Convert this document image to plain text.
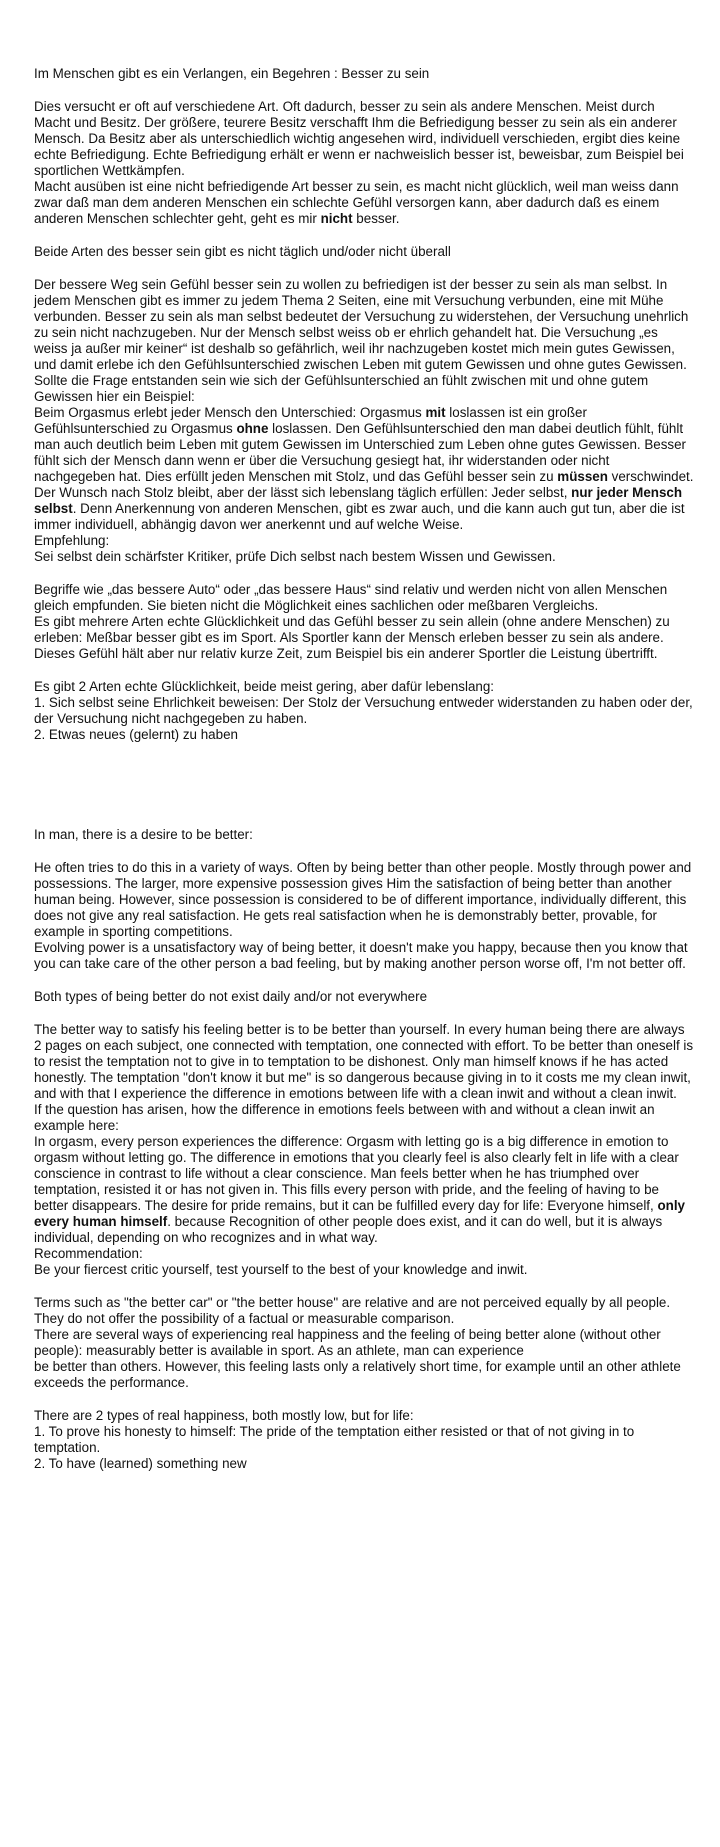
Im Menschen gibt es ein Verlangen, ein Begehren : Besser zu sein

Dies versucht er oft auf verschiedene Art. Oft dadurch, besser zu sein als andere Menschen. Meist durch Macht und Besitz. Der größere, teurere Besitz verschafft Ihm die Befriedigung besser zu sein als ein anderer Mensch. Da Besitz aber als unterschiedlich wichtig angesehen wird, individuell verschieden, ergibt dies keine echte Befriedigung. Echte Befriedigung erhält er wenn er nachweislich besser ist, beweisbar, zum Beispiel bei sportlichen Wettkämpfen.

Macht ausüben ist eine nicht befriedigende Art besser zu sein, es macht nicht glücklich, weil man weiss dann zwar daß man dem anderen Menschen ein schlechte Gefühl versorgen kann, aber dadurch daß es einem anderen Menschen schlechter geht, geht es mir nicht besser.

Beide Arten des besser sein gibt es nicht täglich und/oder nicht überall

Der bessere Weg sein Gefühl besser sein zu wollen zu befriedigen ist der besser zu sein als man selbst. In jedem Menschen gibt es immer zu jedem Thema 2 Seiten, eine mit Versuchung verbunden, eine mit Mühe verbunden. Besser zu sein als man selbst bedeutet der Versuchung zu widerstehen, der Versuchung unehrlich zu sein nicht nachzugeben. Nur der Mensch selbst weiss ob er ehrlich gehandelt hat. Die Versuchung „es weiss ja außer mir keiner“ ist deshalb so gefährlich, weil ihr nachzugeben kostet mich mein gutes Gewissen, und damit erlebe ich den Gefühlsunterschied zwischen Leben mit gutem Gewissen und ohne gutes Gewissen.

Sollte die Frage entstanden sein wie sich der Gefühlsunterschied an fühlt zwischen mit und ohne gutem Gewissen hier ein Beispiel:

Beim Orgasmus erlebt jeder Mensch den Unterschied: Orgasmus mit loslassen ist ein großer Gefühlsunterschied zu Orgasmus ohne loslassen. Den Gefühlsunterschied den man dabei deutlich fühlt, fühlt man auch deutlich beim Leben mit gutem Gewissen im Unterschied zum Leben ohne gutes Gewissen. Besser fühlt sich der Mensch dann wenn er über die Versuchung gesiegt hat, ihr widerstanden oder nicht nachgegeben hat. Dies erfüllt jeden Menschen mit Stolz, und das Gefühl besser sein zu müssen verschwindet. Der Wunsch nach Stolz bleibt, aber der lässt sich lebenslang täglich erfüllen: Jeder selbst, nur jeder Mensch selbst. Denn Anerkennung von anderen Menschen, gibt es zwar auch, und die kann auch gut tun, aber die ist immer individuell, abhängig davon wer anerkennt und auf welche Weise.

Empfehlung:

Sei selbst dein schärfster Kritiker, prüfe Dich selbst nach bestem Wissen und Gewissen.

Begriffe wie „das bessere Auto“ oder „das bessere Haus“ sind relativ und werden nicht von allen Menschen gleich empfunden. Sie bieten nicht die Möglichkeit eines sachlichen oder meßbaren Vergleichs.

Es gibt mehrere Arten echte Glücklichkeit und das Gefühl besser zu sein allein (ohne andere Menschen) zu erleben: Meßbar besser gibt es im Sport. Als Sportler kann der Mensch erleben besser zu sein als andere. Dieses Gefühl hält aber nur relativ kurze Zeit, zum Beispiel bis ein anderer Sportler die Leistung übertrifft.

Es gibt 2 Arten echte Glücklichkeit, beide meist gering, aber dafür lebenslang:

1. Sich selbst seine Ehrlichkeit beweisen: Der Stolz der Versuchung entweder widerstanden zu haben oder der, der Versuchung nicht nachgegeben zu haben.

2. Etwas neues (gelernt) zu haben

In man, there is a desire to be better:

He often tries to do this in a variety of ways. Often by being better than other people. Mostly through power and possessions. The larger, more expensive possession gives Him the satisfaction of being better than another human being. However, since possession is considered to be of different importance, individually different, this does not give any real satisfaction. He gets real satisfaction when he is demonstrably better, provable, for example in sporting competitions.

Evolving power is a unsatisfactory way of being better, it doesn't make you happy, because then you know that you can take care of the other person a bad feeling, but by making another person worse off, I'm not better off.

Both types of being better do not exist daily and/or not everywhere

The better way to satisfy his feeling better is to be better than yourself. In every human being there are always 2 pages on each subject, one connected with temptation, one connected with effort. To be better than oneself is to resist the temptation not to give in to temptation to be dishonest. Only man himself knows if he has acted honestly. The temptation "don't know it but me" is so dangerous because giving in to it costs me my clean inwit, and with that I experience the difference in emotions between life with a clean inwit and without a clean inwit.

If the question has arisen, how the difference in emotions feels between with and without a clean inwit an example here:

In orgasm, every person experiences the difference: Orgasm with letting go is a big difference in emotion to orgasm without letting go. The difference in emotions that you clearly feel is also clearly felt in life with a clear conscience in contrast to life without a clear conscience. Man feels better when he has triumphed over temptation, resisted it or has not given in. This fills every person with pride, and the feeling of having to be better disappears. The desire for pride remains, but it can be fulfilled every day for life: Everyone himself, only every human himself. because Recognition of other people does exist, and it can do well, but it is always individual, depending on who recognizes and in what way.

Recommendation:

Be your fiercest critic yourself, test yourself to the best of your knowledge and inwit.

Terms such as "the better car" or "the better house" are relative and are not perceived equally by all people. They do not offer the possibility of a factual or measurable comparison.

There are several ways of experiencing real happiness and the feeling of being better alone (without other people): measurably better is available in sport. As an athlete, man can experience

be better than others. However, this feeling lasts only a relatively short time, for example until an other athlete exceeds the performance.

There are 2 types of real happiness, both mostly low, but for life:

1. To prove his honesty to himself: The pride of the temptation either resisted or that of not giving in to temptation.

2. To have (learned) something new
